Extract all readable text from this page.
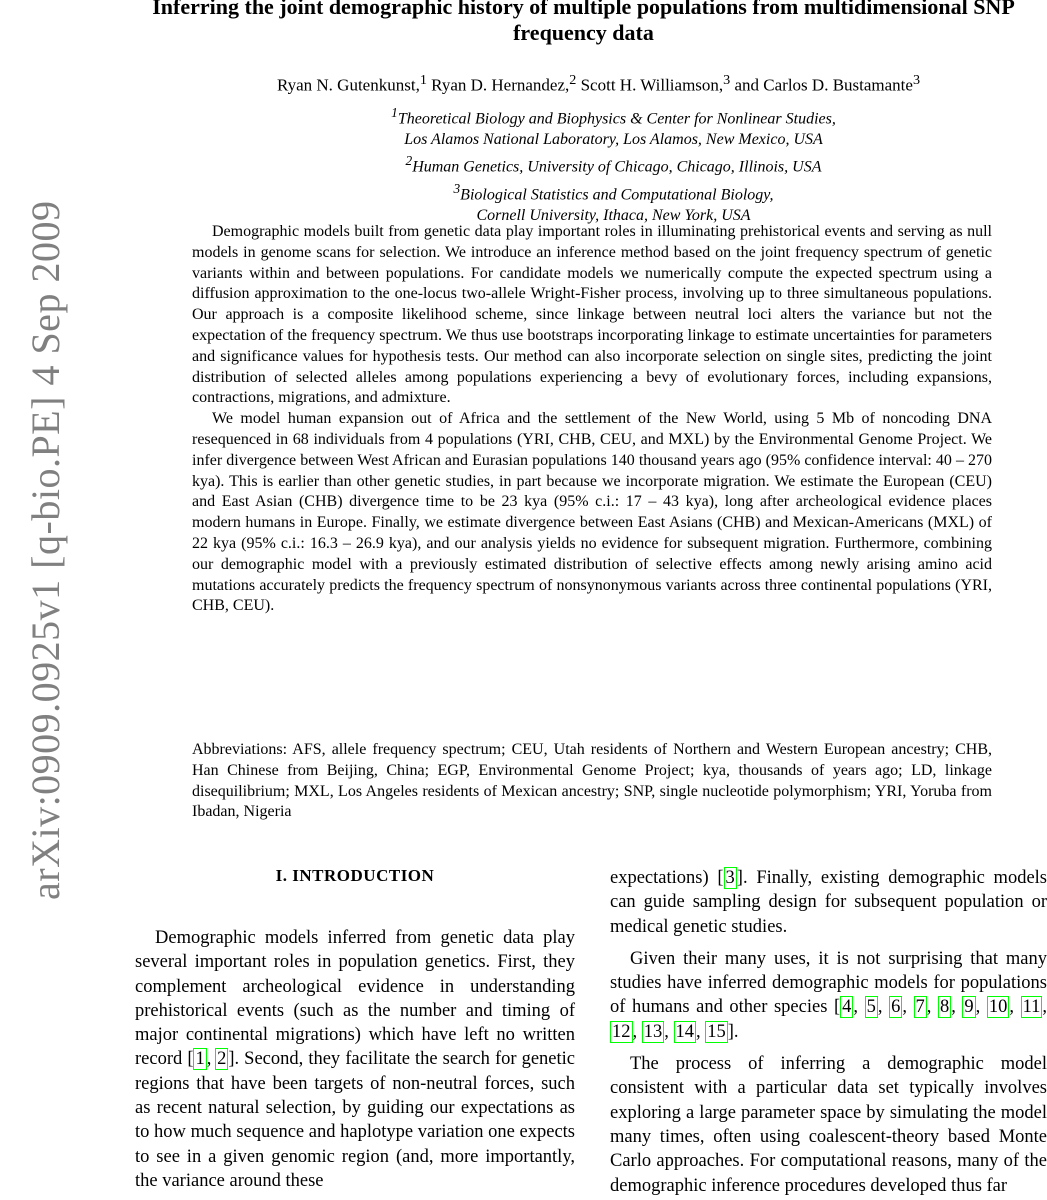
arXiv:0909.0925v1 [q-bio.PE] 4 Sep 2009
Inferring the joint demographic history of multiple populations from multidimensional SNP frequency data
Ryan N. Gutenkunst,$^1$ Ryan D. Hernandez,$^2$ Scott H. Williamson,$^3$ and Carlos D. Bustamante$^3$
$^1$Theoretical Biology and Biophysics & Center for Nonlinear Studies,
Los Alamos National Laboratory, Los Alamos, New Mexico, USA
$^2$Human Genetics, University of Chicago, Chicago, Illinois, USA
$^3$Biological Statistics and Computational Biology,
Cornell University, Ithaca, New York, USA

Demographic models built from genetic data play important roles in illuminating prehistorical events and serving as null models in genome scans for selection. We introduce an inference method based on the joint frequency spectrum of genetic variants within and between populations. For candidate models we numerically compute the expected spectrum using a diffusion approximation to the one-locus two-allele Wright-Fisher process, involving up to three simultaneous populations. Our approach is a composite likelihood scheme, since linkage between neutral loci alters the variance but not the expectation of the frequency spectrum. We thus use bootstraps incorporating linkage to estimate uncertainties for parameters and significance values for hypothesis tests. Our method can also incorporate selection on single sites, predicting the joint distribution of selected alleles among populations experiencing a bevy of evolutionary forces, including expansions, contractions, migrations, and admixture.

We model human expansion out of Africa and the settlement of the New World, using 5 Mb of noncoding DNA resequenced in 68 individuals from 4 populations (YRI, CHB, CEU, and MXL) by the Environmental Genome Project. We infer divergence between West African and Eurasian populations 140 thousand years ago (95% confidence interval: 40 – 270 kya). This is earlier than other genetic studies, in part because we incorporate migration. We estimate the European (CEU) and East Asian (CHB) divergence time to be 23 kya (95% c.i.: 17 – 43 kya), long after archeological evidence places modern humans in Europe. Finally, we estimate divergence between East Asians (CHB) and Mexican-Americans (MXL) of 22 kya (95% c.i.: 16.3 – 26.9 kya), and our analysis yields no evidence for subsequent migration. Furthermore, combining our demographic model with a previously estimated distribution of selective effects among newly arising amino acid mutations accurately predicts the frequency spectrum of nonsynonymous variants across three continental populations (YRI, CHB, CEU).

Abbreviations: AFS, allele frequency spectrum; CEU, Utah residents of Northern and Western European ancestry; CHB, Han Chinese from Beijing, China; EGP, Environmental Genome Project; kya, thousands of years ago; LD, linkage disequilibrium; MXL, Los Angeles residents of Mexican ancestry; SNP, single nucleotide polymorphism; YRI, Yoruba from Ibadan, Nigeria
I. INTRODUCTION

Demographic models inferred from genetic data play several important roles in population genetics. First, they complement archeological evidence in understanding prehistorical events (such as the number and timing of major continental migrations) which have left no written record [ 1 , 2 ]. Second, they facilitate the search for genetic regions that have been targets of non-neutral forces, such as recent natural selection, by guiding our expectations as to how much sequence and haplotype variation one expects to see in a given genomic region (and, more importantly, the variance around these

expectations) [ 3 ]. Finally, existing demographic models can guide sampling design for subsequent population or medical genetic studies.

Given their many uses, it is not surprising that many studies have inferred demographic models for populations of humans and other species [ 4 , 5 , 6 , 7 , 8 , 9 , 10 , 11 , 12 , 13 , 14 , 15 ].

The process of inferring a demographic model consistent with a particular data set typically involves exploring a large parameter space by simulating the model many times, often using coalescent-theory based Monte Carlo approaches. For computational reasons, many of the demographic inference procedures developed thus far
